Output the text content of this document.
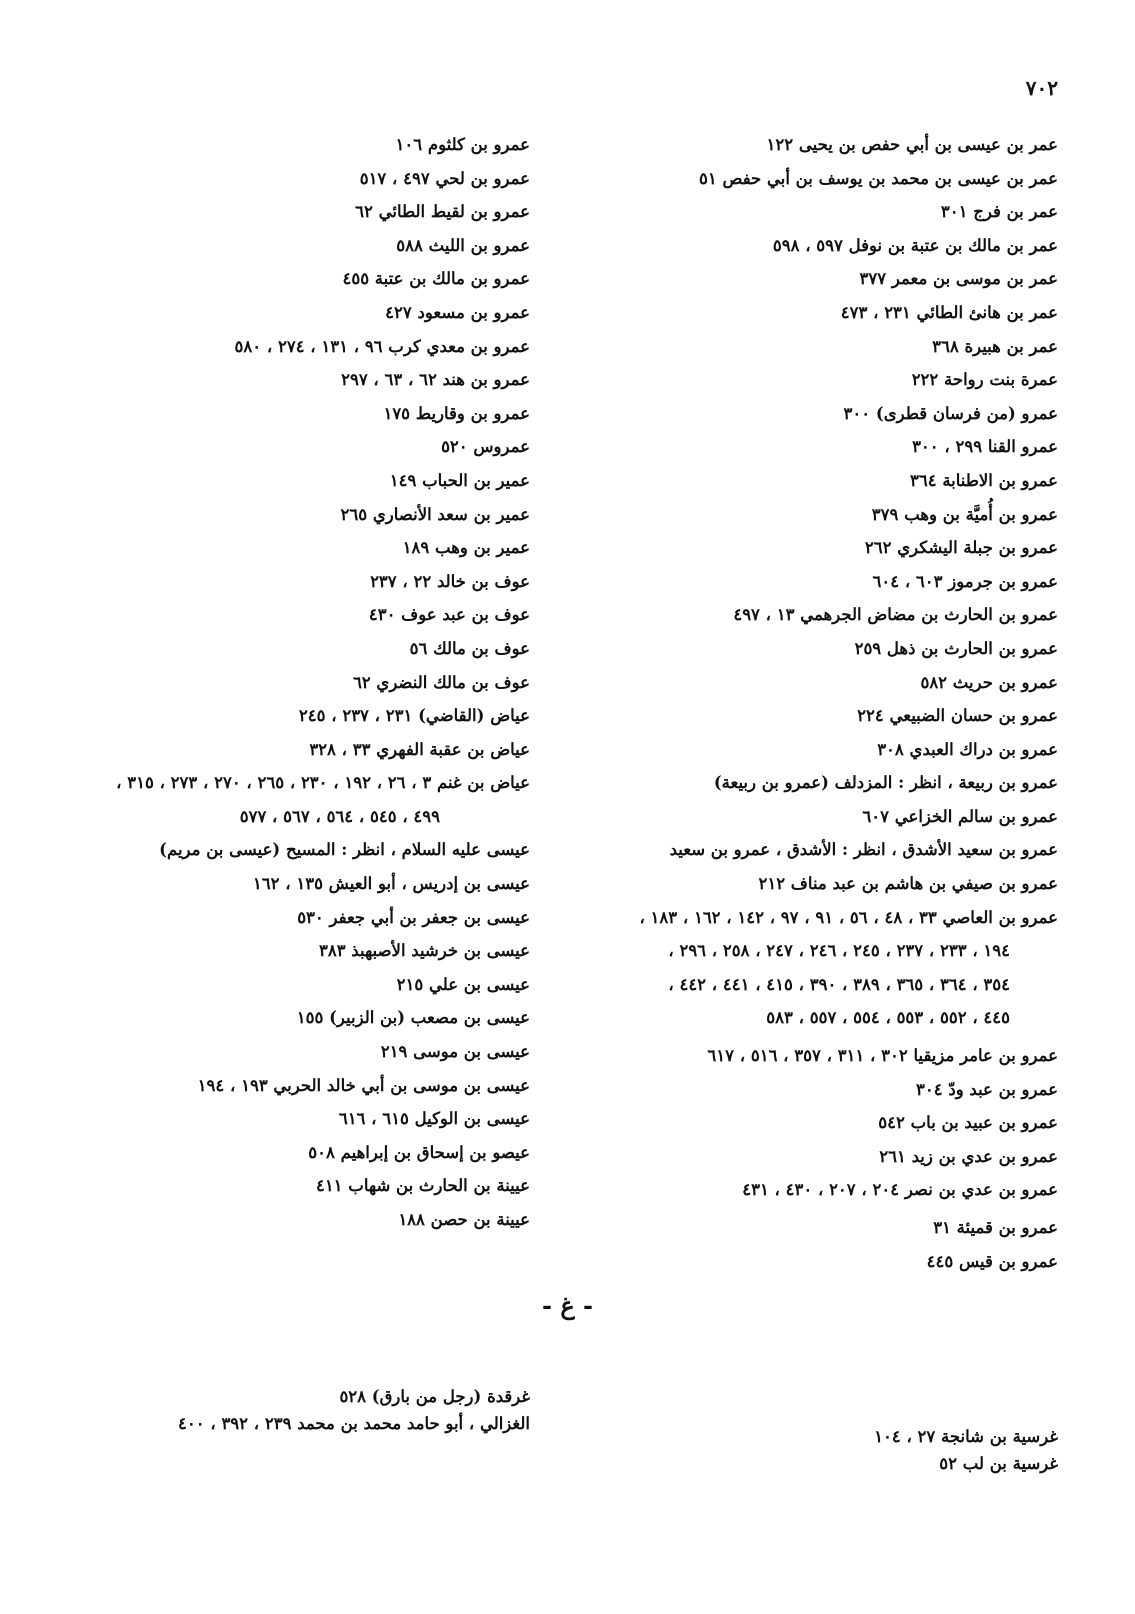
٧٠٢
عمر بن عيسى بن أبي حفص بن يحيى ١٢٢
عمر بن عيسى بن محمد بن يوسف بن أبي حفص ٥١
عمر بن فرج ٣٠١
عمر بن مالك بن عتبة بن نوفل ٥٩٧ ، ٥٩٨
عمر بن موسى بن معمر ٣٧٧
عمر بن هانئ الطائي ٢٣١ ، ٤٧٣
عمر بن هبيرة ٣٦٨
عمرة بنت رواحة ٢٢٢
عمرو (من فرسان قطرى) ٣٠٠
عمرو القنا ٢٩٩ ، ٣٠٠
عمرو بن الاطنابة ٣٦٤
عمرو بن أُميَّة بن وهب ٣٧٩
عمرو بن جبلة اليشكري ٢٦٢
عمرو بن جرموز ٦٠٣ ، ٦٠٤
عمرو بن الحارث بن مضاض الجرهمي ١٣ ، ٤٩٧
عمرو بن الحارث بن ذهل ٢٥٩
عمرو بن حريث ٥٨٢
عمرو بن حسان الضبيعي ٢٢٤
عمرو بن دراك العبدي ٣٠٨
عمرو بن ربيعة ، انظر : المزدلف (عمرو بن ربيعة)
عمرو بن سالم الخزاعي ٦٠٧
عمرو بن سعيد الأشدق ، انظر : الأشدق ، عمرو بن سعيد
عمرو بن صيفي بن هاشم بن عبد مناف ٢١٢
عمرو بن العاصي ٣٣ ، ٤٨ ، ٥٦ ، ٩١ ، ٩٧ ، ١٤٢ ، ١٦٢ ، ١٨٣ ،
١٩٤ ، ٢٣٣ ، ٢٣٧ ، ٢٤٥ ، ٢٤٦ ، ٢٤٧ ، ٢٥٨ ، ٢٩٦ ،
٣٥٤ ، ٣٦٤ ، ٣٦٥ ، ٣٨٩ ، ٣٩٠ ، ٤١٥ ، ٤٤١ ، ٤٤٢ ،
٤٤٥ ، ٥٥٢ ، ٥٥٣ ، ٥٥٤ ، ٥٥٧ ، ٥٨٣
عمرو بن عامر مزيقيا ٣٠٢ ، ٣١١ ، ٣٥٧ ، ٥١٦ ، ٦١٧
عمرو بن عبد ودّ ٣٠٤
عمرو بن عبيد بن باب ٥٤٢
عمرو بن عدي بن زيد ٢٦١
عمرو بن عدي بن نصر ٢٠٤ ، ٢٠٧ ، ٤٣٠ ، ٤٣١
عمرو بن قميئة ٣١
عمرو بن قيس ٤٤٥
عمرو بن كلثوم ١٠٦
عمرو بن لحي ٤٩٧ ، ٥١٧
عمرو بن لقيط الطائي ٦٢
عمرو بن الليث ٥٨٨
عمرو بن مالك بن عتبة ٤٥٥
عمرو بن مسعود ٤٢٧
عمرو بن معدي كرب ٩٦ ، ١٣١ ، ٢٧٤ ، ٥٨٠
عمرو بن هند ٦٢ ، ٦٣ ، ٢٩٧
عمرو بن وقاريط ١٧٥
عمروس ٥٢٠
عمير بن الحباب ١٤٩
عمير بن سعد الأنصاري ٢٦٥
عمير بن وهب ١٨٩
عوف بن خالد ٢٢ ، ٢٣٧
عوف بن عبد عوف ٤٣٠
عوف بن مالك ٥٦
عوف بن مالك النضري ٦٢
عياض (القاضي) ٢٣١ ، ٢٣٧ ، ٢٤٥
عياض بن عقبة الفهري ٣٣ ، ٣٢٨
عياض بن غنم ٣ ، ٢٦ ، ١٩٢ ، ٢٣٠ ، ٢٦٥ ، ٢٧٠ ، ٢٧٣ ، ٣١٥ ،
٤٩٩ ، ٥٤٥ ، ٥٦٤ ، ٥٦٧ ، ٥٧٧
عيسى عليه السلام ، انظر : المسيح (عيسى بن مريم)
عيسى بن إدريس ، أبو العيش ١٣٥ ، ١٦٢
عيسى بن جعفر بن أبي جعفر ٥٣٠
عيسى بن خرشيد الأصبهبذ ٣٨٣
عيسى بن علي ٢١٥
عيسى بن مصعب (بن الزبير) ١٥٥
عيسى بن موسى ٢١٩
عيسى بن موسى بن أبي خالد الحربي ١٩٣ ، ١٩٤
عيسى بن الوكيل ٦١٥ ، ٦١٦
عيصو بن إسحاق بن إبراهيم ٥٠٨
عيينة بن الحارث بن شهاب ٤١١
عيينة بن حصن ١٨٨
- غ -
غرسية بن شانجة ٢٧ ، ١٠٤
غرسية بن لب ٥٢
غرقدة (رجل من بارق) ٥٢٨
الغزالي ، أبو حامد محمد بن محمد ٢٣٩ ، ٣٩٢ ، ٤٠٠
